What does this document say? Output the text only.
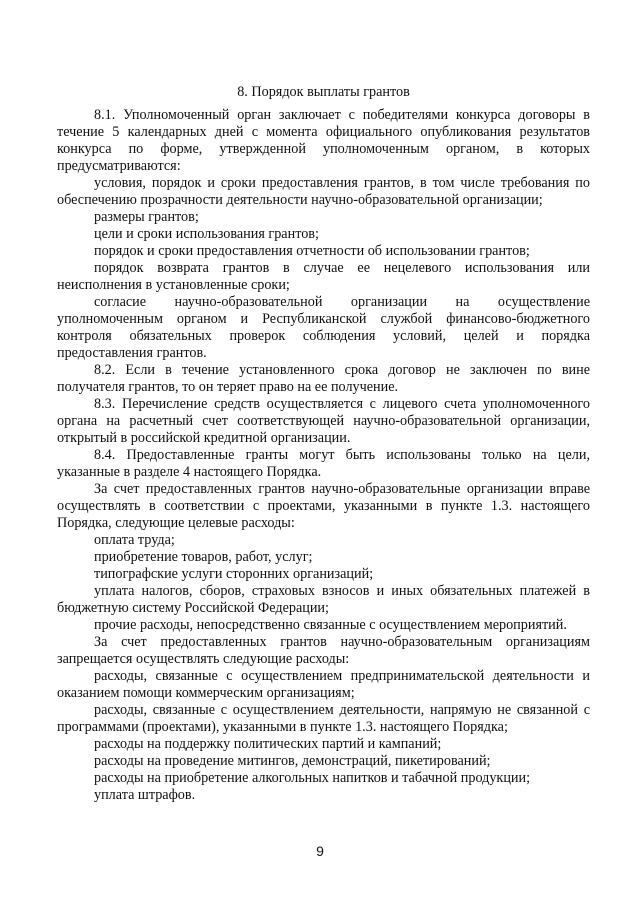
8. Порядок выплаты грантов

8.1. Уполномоченный орган заключает с победителями конкурса договоры в течение 5 календарных дней с момента официального опубликования результатов конкурса по форме, утвержденной уполномоченным органом, в которых предусматриваются:

условия, порядок и сроки предоставления грантов, в том числе требования по обеспечению прозрачности деятельности научно-образовательной организации;

размеры грантов;

цели и сроки использования грантов;

порядок и сроки предоставления отчетности об использовании грантов;

порядок возврата грантов в случае ее нецелевого использования или неисполнения в установленные сроки;

согласие научно-образовательной организации на осуществление уполномоченным органом и Республиканской службой финансово-бюджетного контроля обязательных проверок соблюдения условий, целей и порядка предоставления грантов.

8.2. Если в течение установленного срока договор не заключен по вине получателя грантов, то он теряет право на ее получение.

8.3. Перечисление средств осуществляется с лицевого счета уполномоченного органа на расчетный счет соответствующей научно-образовательной организации, открытый в российской кредитной организации.

8.4. Предоставленные гранты могут быть использованы только на цели, указанные в разделе 4 настоящего Порядка.

За счет предоставленных грантов научно-образовательные организации вправе осуществлять в соответствии с проектами, указанными в пункте 1.3. настоящего Порядка, следующие целевые расходы:

оплата труда;

приобретение товаров, работ, услуг;

типографские услуги сторонних организаций;

уплата налогов, сборов, страховых взносов и иных обязательных платежей в бюджетную систему Российской Федерации;

прочие расходы, непосредственно связанные с осуществлением мероприятий.

За счет предоставленных грантов научно-образовательным организациям запрещается осуществлять следующие расходы:

расходы, связанные с осуществлением предпринимательской деятельности и оказанием помощи коммерческим организациям;

расходы, связанные с осуществлением деятельности, напрямую не связанной с программами (проектами), указанными в пункте 1.3. настоящего Порядка;

расходы на поддержку политических партий и кампаний;

расходы на проведение митингов, демонстраций, пикетирований;

расходы на приобретение алкогольных напитков и табачной продукции;

уплата штрафов.

9
